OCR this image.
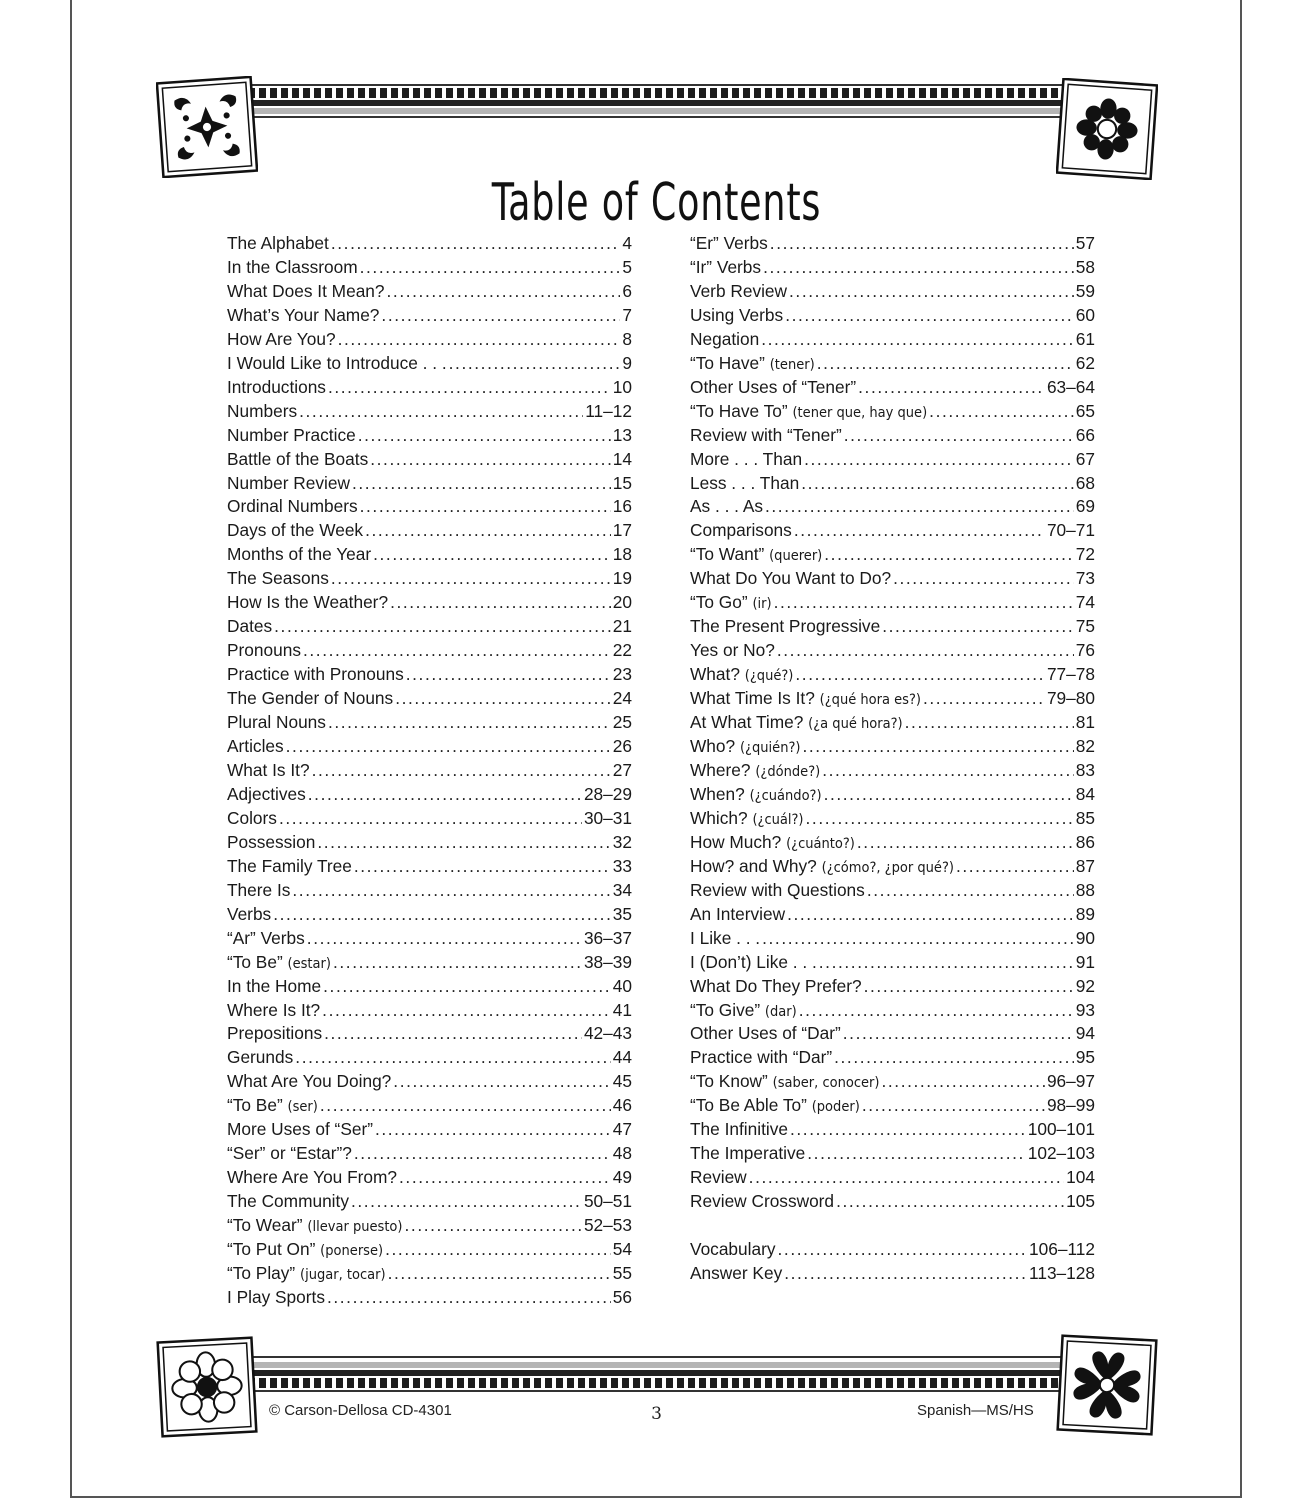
Table of Contents
The Alphabet .....	4
In the Classroom .....	5
What Does It Mean? .....	6
What’s Your Name? .....	7
How Are You? .....	8
I Would Like to Introduce . . . .....	9
Introductions .....	10
Numbers .....	11–12
Number Practice .....	13
Battle of the Boats .....	14
Number Review .....	15
Ordinal Numbers .....	16
Days of the Week .....	17
Months of the Year .....	18
The Seasons .....	19
How Is the Weather? .....	20
Dates .....	21
Pronouns .....	22
Practice with Pronouns .....	23
The Gender of Nouns .....	24
Plural Nouns .....	25
Articles .....	26
What Is It? .....	27
Adjectives .....	28–29
Colors .....	30–31
Possession .....	32
The Family Tree .....	33
There Is .....	34
Verbs .....	35
“Ar” Verbs .....	36–37
“To Be” (estar) .....	38–39
In the Home .....	40
Where Is It? .....	41
Prepositions .....	42–43
Gerunds .....	44
What Are You Doing? .....	45
“To Be” (ser) .....	46
More Uses of “Ser” .....	47
“Ser” or “Estar”? .....	48
Where Are You From? .....	49
The Community .....	50–51
“To Wear” (llevar puesto) .....	52–53
“To Put On” (ponerse) .....	54
“To Play” (jugar, tocar) .....	55
I Play Sports .....	56
“Er” Verbs .....	57
“Ir” Verbs .....	58
Verb Review .....	59
Using Verbs .....	60
Negation .....	61
“To Have” (tener) .....	62
Other Uses of “Tener” .....	63–64
“To Have To” (tener que, hay que) .....	65
Review with “Tener” .....	66
More . . . Than .....	67
Less . . . Than .....	68
As . . . As .....	69
Comparisons .....	70–71
“To Want” (querer) .....	72
What Do You Want to Do? .....	73
“To Go” (ir) .....	74
The Present Progressive .....	75
Yes or No? .....	76
What? (¿qué?) .....	77–78
What Time Is It? (¿qué hora es?) .....	79–80
At What Time? (¿a qué hora?) .....	81
Who? (¿quién?) .....	82
Where? (¿dónde?) .....	83
When? (¿cuándo?) .....	84
Which? (¿cuál?) .....	85
How Much? (¿cuánto?) .....	86
How? and Why? (¿cómo?, ¿por qué?) .....	87
Review with Questions .....	88
An Interview .....	89
I Like . . . .....	90
I (Don’t) Like . . . .....	91
What Do They Prefer? .....	92
“To Give” (dar) .....	93
Other Uses of “Dar” .....	94
Practice with “Dar” .....	95
“To Know” (saber, conocer) .....	96–97
“To Be Able To” (poder) .....	98–99
The Infinitive .....	100–101
The Imperative .....	102–103
Review .....	104
Review Crossword .....	105
Vocabulary .....	106–112
Answer Key .....	113–128
© Carson-Dellosa CD-4301	3	Spanish—MS/HS
